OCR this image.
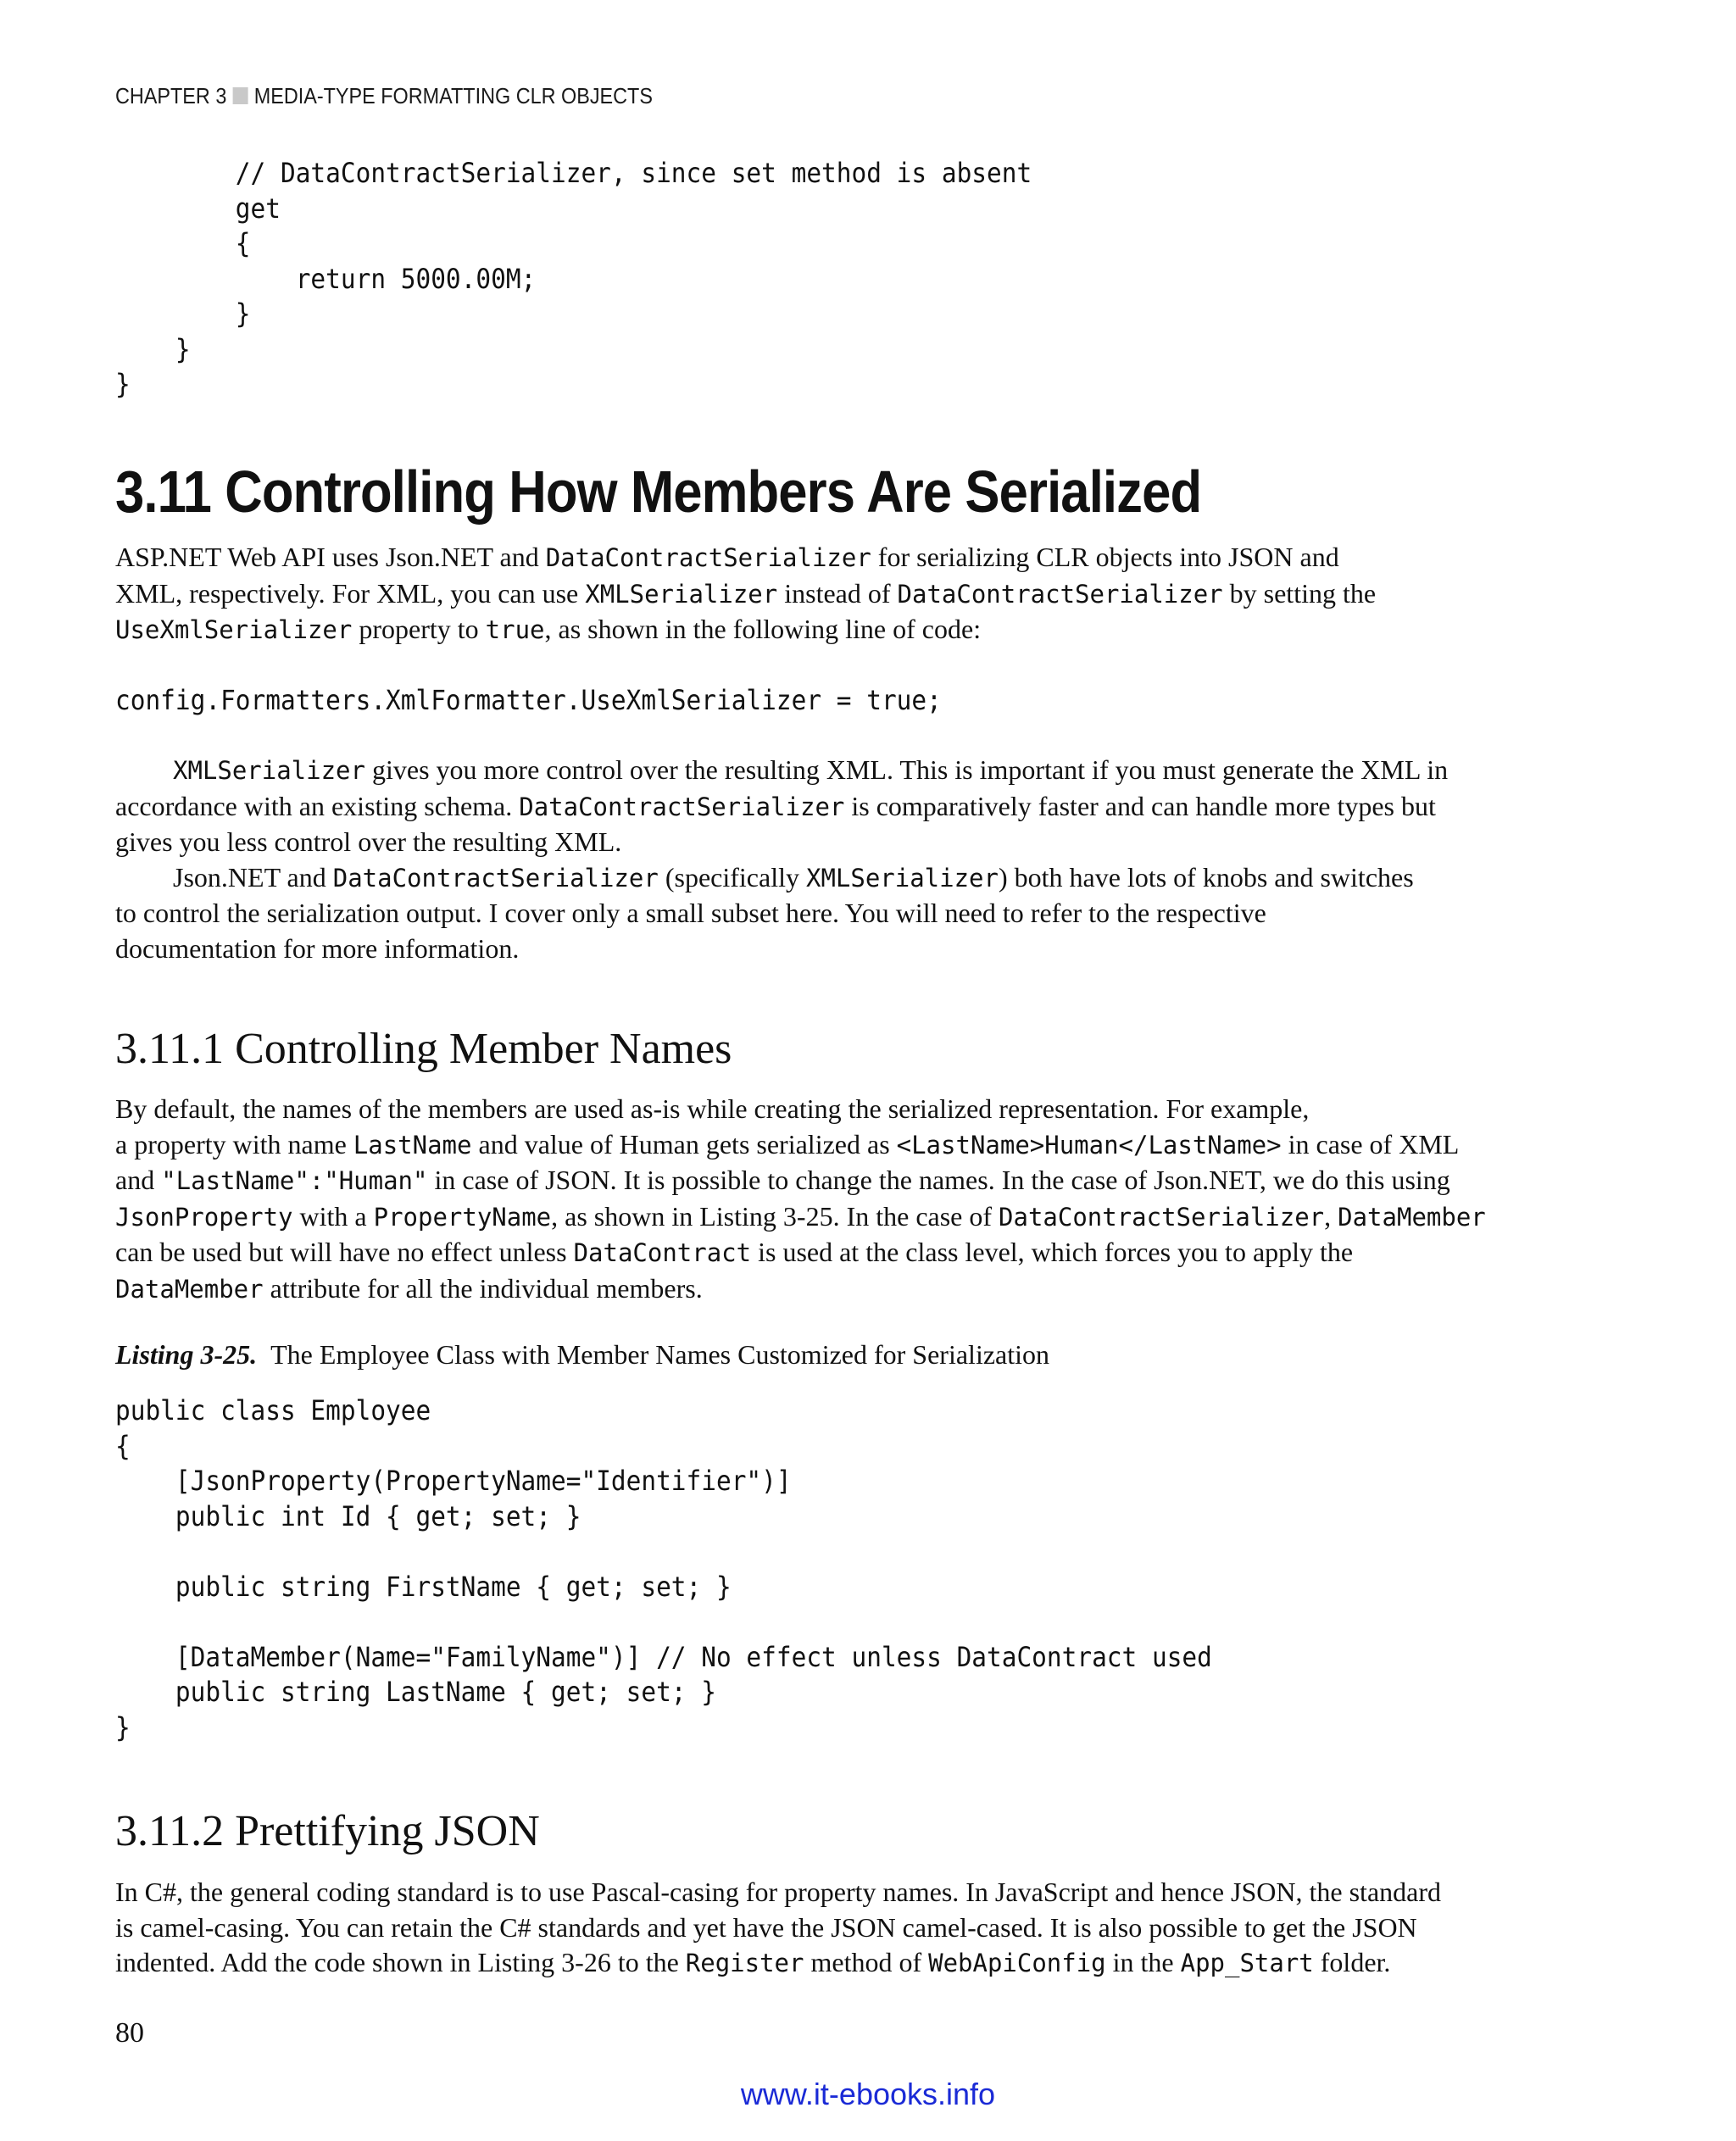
CHAPTER 3 MEDIA-TYPE FORMATTING CLR OBJECTS
// DataContractSerializer, since set method is absent
get
{
return 5000.00M;
}
}
}
3.11 Controlling How Members Are Serialized

ASP.NET Web API uses Json.NET and DataContractSerializer for serializing CLR objects into JSON and
XML, respectively. For XML, you can use XMLSerializer instead of DataContractSerializer by setting the
UseXmlSerializer property to true, as shown in the following line of code:

config.Formatters.XmlFormatter.UseXmlSerializer = true;

XMLSerializer gives you more control over the resulting XML. This is important if you must generate the XML in
accordance with an existing schema. DataContractSerializer is comparatively faster and can handle more types but
gives you less control over the resulting XML.
Json.NET and DataContractSerializer (specifically XMLSerializer) both have lots of knobs and switches
to control the serialization output. I cover only a small subset here. You will need to refer to the respective
documentation for more information.

3.11.1 Controlling Member Names

By default, the names of the members are used as-is while creating the serialized representation. For example,
a property with name LastName and value of Human gets serialized as <LastName>Human</LastName> in case of XML
and "LastName":"Human" in case of JSON. It is possible to change the names. In the case of Json.NET, we do this using
JsonProperty with a PropertyName, as shown in Listing 3-25. In the case of DataContractSerializer, DataMember
can be used but will have no effect unless DataContract is used at the class level, which forces you to apply the
DataMember attribute for all the individual members.

Listing 3-25. The Employee Class with Member Names Customized for Serialization
public class Employee
{
[JsonProperty(PropertyName="Identifier")]
public int Id { get; set; }

public string FirstName { get; set; }

[DataMember(Name="FamilyName")] // No effect unless DataContract used
public string LastName { get; set; }
}
3.11.2 Prettifying JSON

In C#, the general coding standard is to use Pascal-casing for property names. In JavaScript and hence JSON, the standard
is camel-casing. You can retain the C# standards and yet have the JSON camel-cased. It is also possible to get the JSON
indented. Add the code shown in Listing 3-26 to the Register method of WebApiConfig in the App_Start folder.

80
www.it-ebooks.info
